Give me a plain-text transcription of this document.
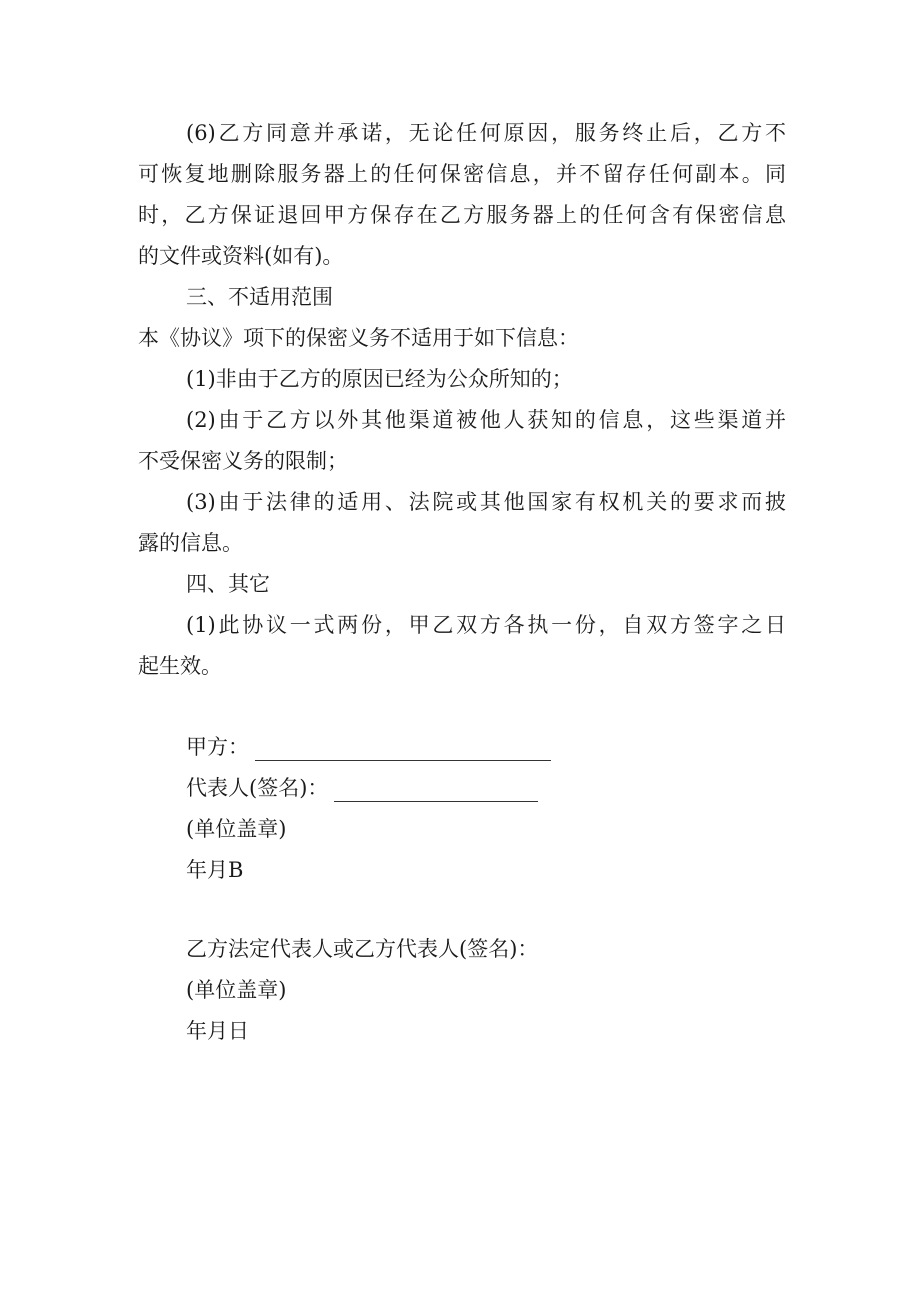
(6)乙方同意并承诺，无论任何原因，服务终止后，乙方不
可恢复地删除服务器上的任何保密信息，并不留存任何副本。同
时，乙方保证退回甲方保存在乙方服务器上的任何含有保密信息
的文件或资料(如有)。
三、不适用范围
本《协议》项下的保密义务不适用于如下信息：
(1)非由于乙方的原因已经为公众所知的；
(2)由于乙方以外其他渠道被他人获知的信息，这些渠道并
不受保密义务的限制；
(3)由于法律的适用、法院或其他国家有权机关的要求而披
露的信息。
四、其它
(1)此协议一式两份，甲乙双方各执一份，自双方签字之日
起生效。
甲方：
代表人(签名)：
(单位盖章)
年月B
乙方法定代表人或乙方代表人(签名)：
(单位盖章)
年月日
